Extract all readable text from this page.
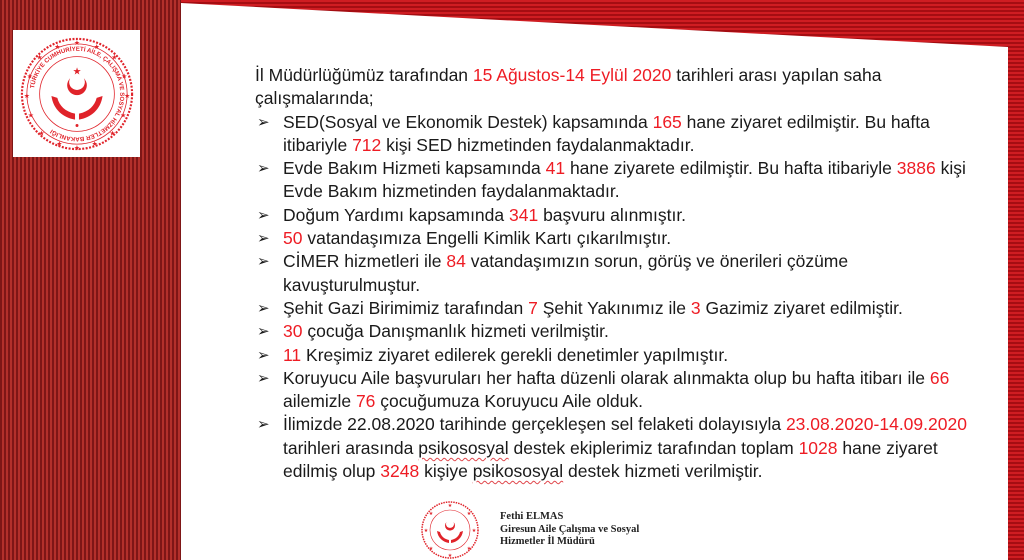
TÜRKİYE CUMHURİYETİ AİLE, ÇALIŞMA VE SOSYAL HİZMETLER BAKANLIĞI
★
★	★
★	★
★	★
★	★
★	★
★	★
★	★
★
★	İl Müdürlüğümüz tarafından 15 Ağustos-14 Eylül 2020 tarihleri arası yapılan saha çalışmalarında;

➢ SED(Sosyal ve Ekonomik Destek) kapsamında 165 hane ziyaret edilmiştir. Bu hafta itibariyle 712 kişi SED hizmetinden faydalanmaktadır.
➢ Evde Bakım Hizmeti kapsamında 41 hane ziyarete edilmiştir. Bu hafta itibariyle 3886 kişi Evde Bakım hizmetinden faydalanmaktadır.
➢ Doğum Yardımı kapsamında 341 başvuru alınmıştır.
➢ 50 vatandaşımıza Engelli Kimlik Kartı çıkarılmıştır.
➢ CİMER hizmetleri ile 84 vatandaşımızın sorun, görüş ve önerileri çözüme kavuşturulmuştur.
➢ Şehit Gazi Birimimiz tarafından 7 Şehit Yakınımız ile 3 Gazimiz ziyaret edilmiştir.
➢ 30 çocuğa Danışmanlık hizmeti verilmiştir.
➢ 11 Kreşimiz ziyaret edilerek gerekli denetimler yapılmıştır.
➢ Koruyucu Aile başvuruları her hafta düzenli olarak alınmakta olup bu hafta itibarı ile 66 ailemizle 76 çocuğumuza Koruyucu Aile olduk.
➢ İlimizde 22.08.2020 tarihinde gerçekleşen sel felaketi dolayısıyla 23.08.2020-14.09.2020 tarihleri arasında psikososyal destek ekiplerimiz tarafından toplam 1028 hane ziyaret edilmiş olup 3248 kişiye psikososyal destek hizmeti verilmiştir.
★
★	★
★	★
★	★
★
Fethi ELMAS
Giresun Aile Çalışma ve Sosyal
Hizmetler İl Müdürü
